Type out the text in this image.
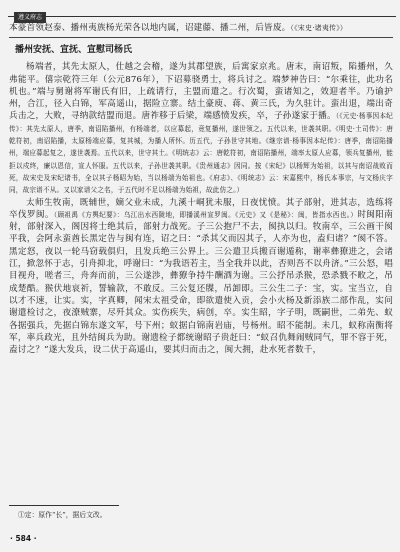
遵义府志

本豪首领赵泰、播州夷族杨光荣各以地内属，诏建藤、播二州，后皆废。（《宋史·诸夷传》）

播州安抚、宣抚、宣慰司杨氏

杨端者，其先太原人，仕越之会稽，遂为其郡望族，后寓家京兆。唐末，南诏叛，陷播州，久弗能平。僖宗乾符三年（公元876年），下诏募骁勇士，将兵讨之。端梦神告曰：“尔乘往，此功名机也。”端与舅谢将军谢氏有旧，上疏请行，主盟而遣之。行次蜀，蛮诸知之，效迎者半。乃谕护州，合江，径入白锦，军高遥山，据险立寨。结土豪庾、蒋、黄三氏，为久驻计。蛮出退，端出奇兵击之，大败，寻纳款结盟而退。唐祚移于后梁，端感愤发疾，卒，子孙遂家于播。（《元史·杨事因本纪传》：其先太原人，唐季，南诏陷播州，有杨端者，以应募起，竟复播州，遂世领之。五代以来，世袭其职。《明史·土司传》：唐乾符初，南诏陷播，太原杨端应募，复其城，为播人所怀。历五代，子孙世守其地。《继宗谱·杨事因本纪传》：唐季，南诏陷播州，端应募起复之，遂世袭焉。五代以来，世守其土。《明统志》云：唐乾符初，南诏陷播州，端率太原人应募，领兵复播州，能拒以戍终，廉以恩信，宣人怀服。五代以来，子孙世袭其职。《贵州通志》因同。按《宋纪》以杨辉为始祖，以其与南诏战败而死，故宋史及宋纪诸书，全以其子杨昭为始，当以杨端为始祖也。《府志》、《明统志》云：宋嘉熙中，杨氏本事宗，与文杨庆字同，故宗谱不从。又以家谱父之名，于五代时不足以杨端为始祖，故此仿之。）

太师生牧南，既辅世，嫡父业未成，九溪十峒犹未服，日夜忧愤。其子部射，进其志，选练将卒伐罗闽。（顾祖禹《方舆纪要》：乌江出水西陇地，即播溪州宣罗闽。《元史》又《是秘》：闽，皆指水西也。）时闽阳南射，部射深入，阁因将士绝其后，部射力战死。子三公抱尸不去，阂执以归。牧南卒，三公画干阂平我，会阿永蛮酋长黑定告与闽有连，诏之曰：“杀其父而囚其子，人亦为也，盍归诸？”阂不答。黑定怒，夜以一轮马窃载俱归，且发兵绝三公界上。三公遣卫兵搬百谢遁称，谢率彝獠进之，会诸江，掀忽怀于志，引舟抑北，呼谢曰：“为我语若主，当全我并以此，否则吾不以舟济。”三公怒，唱目视舟，嗟者三，舟奔而前，三公遂渉，彝獠争持牛酬酒为谢。三公抒吊杀猴，恐杀戮不畋之，吊成楚酷。猴伏地哀祈，誓输款，不敢反。三公复还牒，吊卸即。三公生二子：宝，实。宝当立，自以才不速，让实。实，字真卿，闻宋太祖受命，即欲遣使入贡，会小火杨及新添族二部作乱，实问谢遣检讨之，夜潦贼寨，尽歼其众。实伤疾失，病创，卒。实生昭，字子明，既嗣世，二弟先、蚁各据强兵，先据白锦东遂文军，号下州；蚁据白锦南岩庙，号杨州。昭不能制。未几，蚁称南衡将军，率兵政光，且外结闽兵为助。谢遗检子都统谢昭子贵赶曰：“蚁召仇舞闹贼同气，罪不容于死，盍讨之？”遂大发兵，设二伏于高遥山，要其归而击之，闽大拥，赴水死者数千，

①定：原作“长”，据后文改。
· 584 ·
